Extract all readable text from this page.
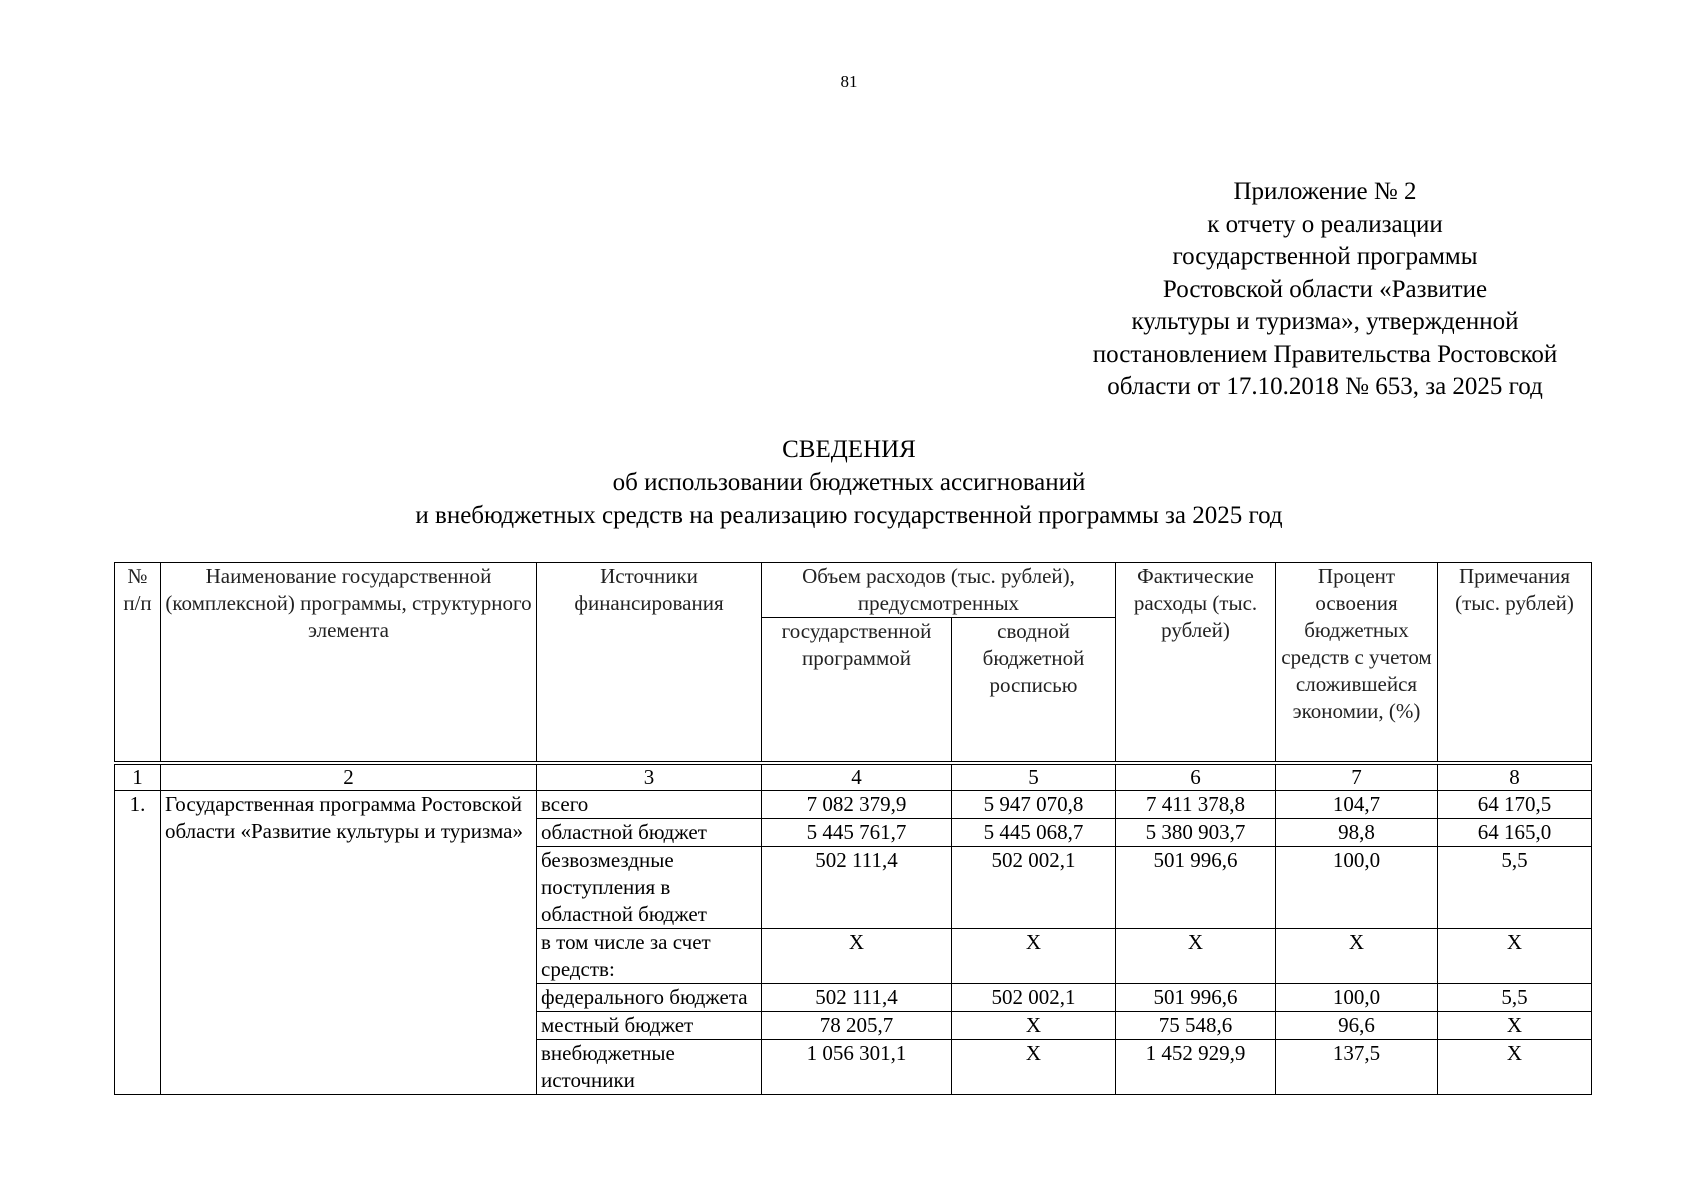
81
Приложение № 2
к отчету о реализации
государственной программы
Ростовской области «Развитие
культуры и туризма», утвержденной
постановлением Правительства Ростовской
области от 17.10.2018 № 653, за 2025 год
СВЕДЕНИЯ
об использовании бюджетных ассигнований
и внебюджетных средств на реализацию государственной программы за 2025 год
№ п/п	Наименование государственной (комплексной) программы, структурного элемента	Источники финансирования	Объем расходов (тыс. рублей), предусмотренных		Фактические расходы (тыс. рублей)	Процент освоения бюджетных средств с учетом сложившейся экономии, (%)	Примечания (тыс. рублей)
			государственной программой	сводной бюджетной росписью			
1	2	3	4	5	6	7	8
1.	Государственная программа Ростовской области «Развитие культуры и туризма»	всего	7 082 379,9	5 947 070,8	7 411 378,8	104,7	64 170,5
		областной бюджет	5 445 761,7	5 445 068,7	5 380 903,7	98,8	64 165,0
		безвозмездные поступления в областной бюджет	502 111,4	502 002,1	501 996,6	100,0	5,5
		в том числе за счет средств:	Х	Х	Х	Х	Х
		федерального бюджета	502 111,4	502 002,1	501 996,6	100,0	5,5
		местный бюджет	78 205,7	Х	75 548,6	96,6	Х
		внебюджетные источники	1 056 301,1	Х	1 452 929,9	137,5	Х
